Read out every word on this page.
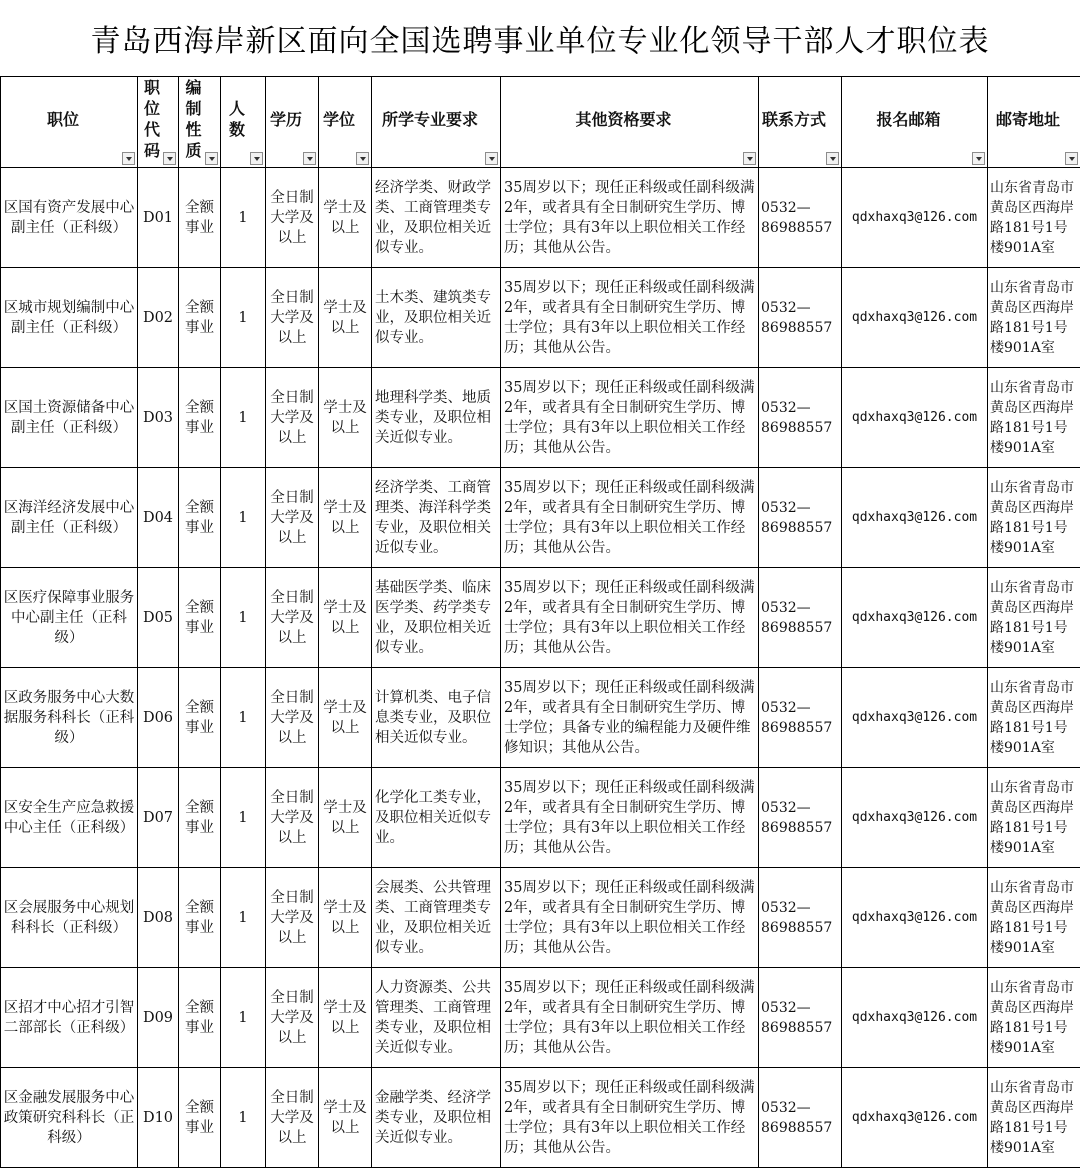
青岛西海岸新区面向全国选聘事业单位专业化领导干部人才职位表
职位	职位代码	编制性质	人数	学历	学位	所学专业要求	其他资格要求	联系方式	报名邮箱	邮寄地址

区国有资产发展中心副主任（正科级）	D01	全额事业	1	全日制大学及以上	学士及以上	经济学类、财政学类、工商管理类专业，及职位相关近似专业。	35周岁以下；现任正科级或任副科级满2年，或者具有全日制研究生学历、博士学位；具有3年以上职位相关工作经历；其他从公告。	0532—86988557	qdxhaxq3@126.com	山东省青岛市黄岛区西海岸路181号1号楼901A室
区城市规划编制中心副主任（正科级）	D02	全额事业	1	全日制大学及以上	学士及以上	土木类、建筑类专业，及职位相关近似专业。	35周岁以下；现任正科级或任副科级满2年，或者具有全日制研究生学历、博士学位；具有3年以上职位相关工作经历；其他从公告。	0532—86988557	qdxhaxq3@126.com	山东省青岛市黄岛区西海岸路181号1号楼901A室
区国土资源储备中心副主任（正科级）	D03	全额事业	1	全日制大学及以上	学士及以上	地理科学类、地质类专业，及职位相关近似专业。	35周岁以下；现任正科级或任副科级满2年，或者具有全日制研究生学历、博士学位；具有3年以上职位相关工作经历；其他从公告。	0532—86988557	qdxhaxq3@126.com	山东省青岛市黄岛区西海岸路181号1号楼901A室
区海洋经济发展中心副主任（正科级）	D04	全额事业	1	全日制大学及以上	学士及以上	经济学类、工商管理类、海洋科学类专业，及职位相关近似专业。	35周岁以下；现任正科级或任副科级满2年，或者具有全日制研究生学历、博士学位；具有3年以上职位相关工作经历；其他从公告。	0532—86988557	qdxhaxq3@126.com	山东省青岛市黄岛区西海岸路181号1号楼901A室
区医疗保障事业服务中心副主任（正科级）	D05	全额事业	1	全日制大学及以上	学士及以上	基础医学类、临床医学类、药学类专业，及职位相关近似专业。	35周岁以下；现任正科级或任副科级满2年，或者具有全日制研究生学历、博士学位；具有3年以上职位相关工作经历；其他从公告。	0532—86988557	qdxhaxq3@126.com	山东省青岛市黄岛区西海岸路181号1号楼901A室
区政务服务中心大数据服务科科长（正科级）	D06	全额事业	1	全日制大学及以上	学士及以上	计算机类、电子信息类专业，及职位相关近似专业。	35周岁以下；现任正科级或任副科级满2年，或者具有全日制研究生学历、博士学位；具备专业的编程能力及硬件维修知识；其他从公告。	0532—86988557	qdxhaxq3@126.com	山东省青岛市黄岛区西海岸路181号1号楼901A室
区安全生产应急救援中心主任（正科级）	D07	全额事业	1	全日制大学及以上	学士及以上	化学化工类专业，及职位相关近似专业。	35周岁以下；现任正科级或任副科级满2年，或者具有全日制研究生学历、博士学位；具有3年以上职位相关工作经历；其他从公告。	0532—86988557	qdxhaxq3@126.com	山东省青岛市黄岛区西海岸路181号1号楼901A室
区会展服务中心规划科科长（正科级）	D08	全额事业	1	全日制大学及以上	学士及以上	会展类、公共管理类、工商管理类专业，及职位相关近似专业。	35周岁以下；现任正科级或任副科级满2年，或者具有全日制研究生学历、博士学位；具有3年以上职位相关工作经历；其他从公告。	0532—86988557	qdxhaxq3@126.com	山东省青岛市黄岛区西海岸路181号1号楼901A室
区招才中心招才引智二部部长（正科级）	D09	全额事业	1	全日制大学及以上	学士及以上	人力资源类、公共管理类、工商管理类专业，及职位相关近似专业。	35周岁以下；现任正科级或任副科级满2年，或者具有全日制研究生学历、博士学位；具有3年以上职位相关工作经历；其他从公告。	0532—86988557	qdxhaxq3@126.com	山东省青岛市黄岛区西海岸路181号1号楼901A室
区金融发展服务中心政策研究科科长（正科级）	D10	全额事业	1	全日制大学及以上	学士及以上	金融学类、经济学类专业，及职位相关近似专业。	35周岁以下；现任正科级或任副科级满2年，或者具有全日制研究生学历、博士学位；具有3年以上职位相关工作经历；其他从公告。	0532—86988557	qdxhaxq3@126.com	山东省青岛市黄岛区西海岸路181号1号楼901A室
